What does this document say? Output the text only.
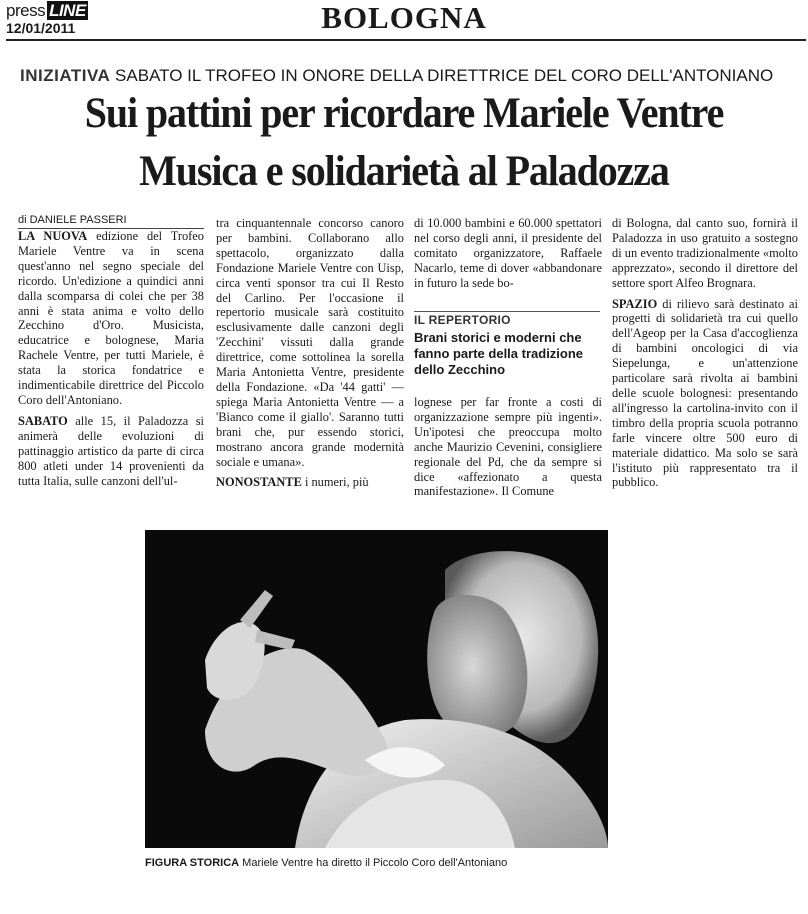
press LINE
12/01/2011	BOLOGNA
INIZIATIVA SABATO IL TROFEO IN ONORE DELLA DIRETTRICE DEL CORO DELL'ANTONIANO
Sui pattini per ricordare Mariele Ventre
Musica e solidarietà al Paladozza
di DANIELE PASSERI

LA NUOVA edizione del Trofeo Mariele Ventre va in scena quest'anno nel segno speciale del ricordo. Un'edizione a quindici anni dalla scomparsa di colei che per 38 anni è stata anima e volto dello Zecchino d'Oro. Musicista, educatrice e bolognese, Maria Rachele Ventre, per tutti Mariele, è stata la storica fondatrice e indimenticabile direttrice del Piccolo Coro dell'Antoniano.

SABATO alle 15, il Paladozza si animerà delle evoluzioni di pattinaggio artistico da parte di circa 800 atleti under 14 provenienti da tutta Italia, sulle canzoni dell'ul-

tra cinquantennale concorso canoro per bambini. Collaborano allo spettacolo, organizzato dalla Fondazione Mariele Ventre con Uisp, circa venti sponsor tra cui Il Resto del Carlino. Per l'occasione il repertorio musicale sarà costituito esclusivamente dalle canzoni degli 'Zecchini' vissuti dalla grande direttrice, come sottolinea la sorella Maria Antonietta Ventre, presidente della Fondazione. «Da '44 gatti' — spiega Maria Antonietta Ventre — a 'Bianco come il giallo'. Saranno tutti brani che, pur essendo storici, mostrano ancora grande modernità sociale e umana».

NONOSTANTE i numeri, più

di 10.000 bambini e 60.000 spettatori nel corso degli anni, il presidente del comitato organizzatore, Raffaele Nacarlo, teme di dover «abbandonare in futuro la sede bo-

IL REPERTORIO
Brani storici e moderni che fanno parte della tradizione dello Zecchino

lognese per far fronte a costi di organizzazione sempre più ingenti». Un'ipotesi che preoccupa molto anche Maurizio Cevenini, consigliere regionale del Pd, che da sempre si dice «affezionato a questa manifestazione». Il Comune

di Bologna, dal canto suo, fornirà il Paladozza in uso gratuito a sostegno di un evento tradizionalmente «molto apprezzato», secondo il direttore del settore sport Alfeo Brognara.

SPAZIO di rilievo sarà destinato ai progetti di solidarietà tra cui quello dell'Ageop per la Casa d'accoglienza di bambini oncologici di via Siepelunga, e un'attenzione particolare sarà rivolta ai bambini delle scuole bolognesi: presentando all'ingresso la cartolina-invito con il timbro della propria scuola potranno farle vincere oltre 500 euro di materiale didattico. Ma solo se sarà l'istituto più rappresentato tra il pubblico.

FIGURA STORICA Mariele Ventre ha diretto il Piccolo Coro dell'Antoniano
